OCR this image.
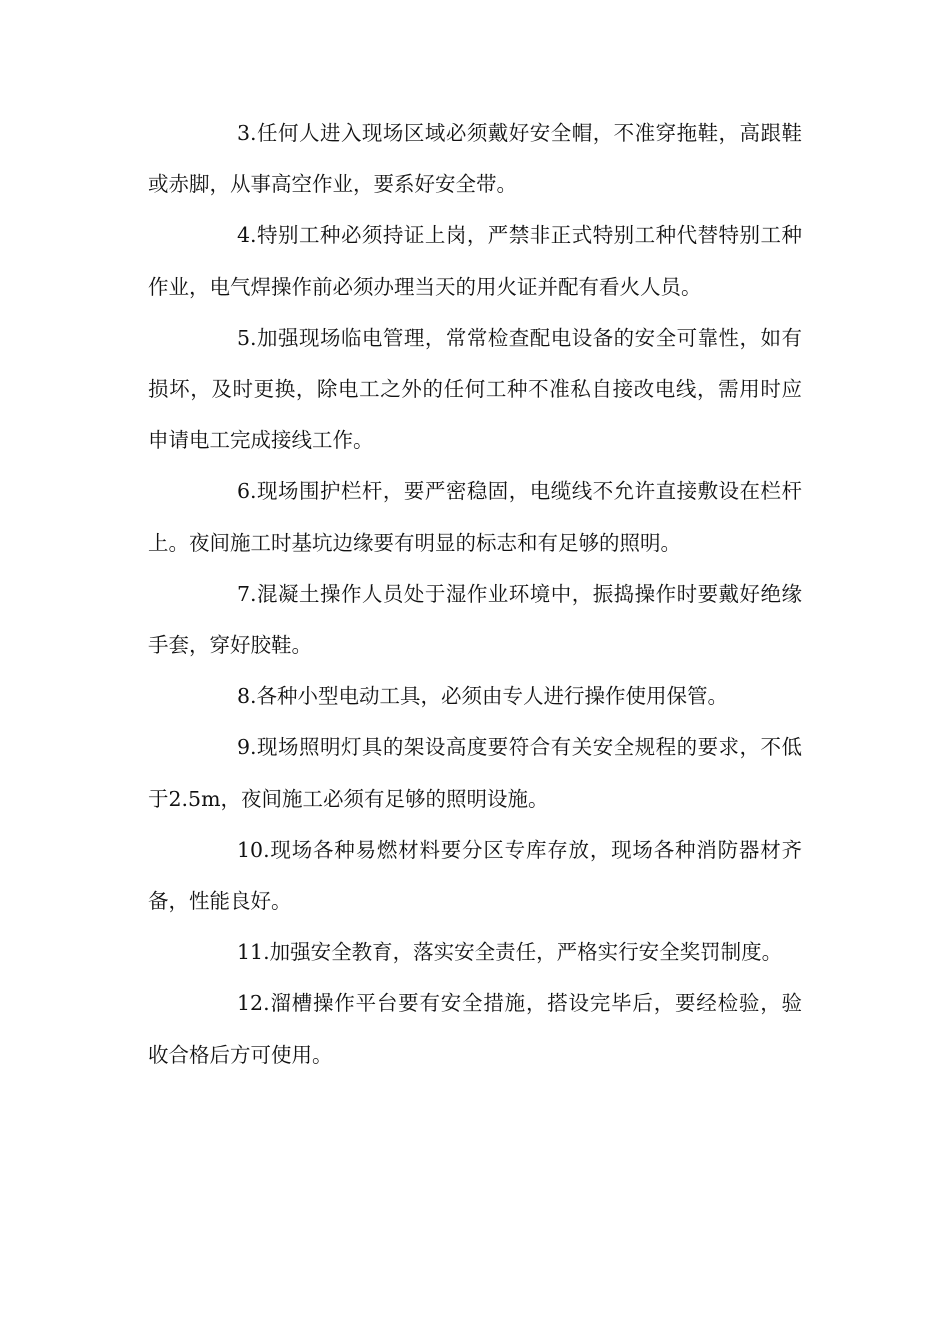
3.任何人进入现场区域必须戴好安全帽，不准穿拖鞋，高跟鞋或赤脚，从事高空作业，要系好安全带。

4.特别工种必须持证上岗，严禁非正式特别工种代替特别工种作业，电气焊操作前必须办理当天的用火证并配有看火人员。

5.加强现场临电管理，常常检查配电设备的安全可靠性，如有损坏，及时更换，除电工之外的任何工种不准私自接改电线，需用时应申请电工完成接线工作。

6.现场围护栏杆，要严密稳固，电缆线不允许直接敷设在栏杆上。夜间施工时基坑边缘要有明显的标志和有足够的照明。

7.混凝土操作人员处于湿作业环境中，振捣操作时要戴好绝缘手套，穿好胶鞋。

8.各种小型电动工具，必须由专人进行操作使用保管。

9.现场照明灯具的架设高度要符合有关安全规程的要求，不低于2.5m，夜间施工必须有足够的照明设施。

10.现场各种易燃材料要分区专库存放，现场各种消防器材齐备，性能良好。

11.加强安全教育，落实安全责任，严格实行安全奖罚制度。

12.溜槽操作平台要有安全措施，搭设完毕后，要经检验，验收合格后方可使用。
